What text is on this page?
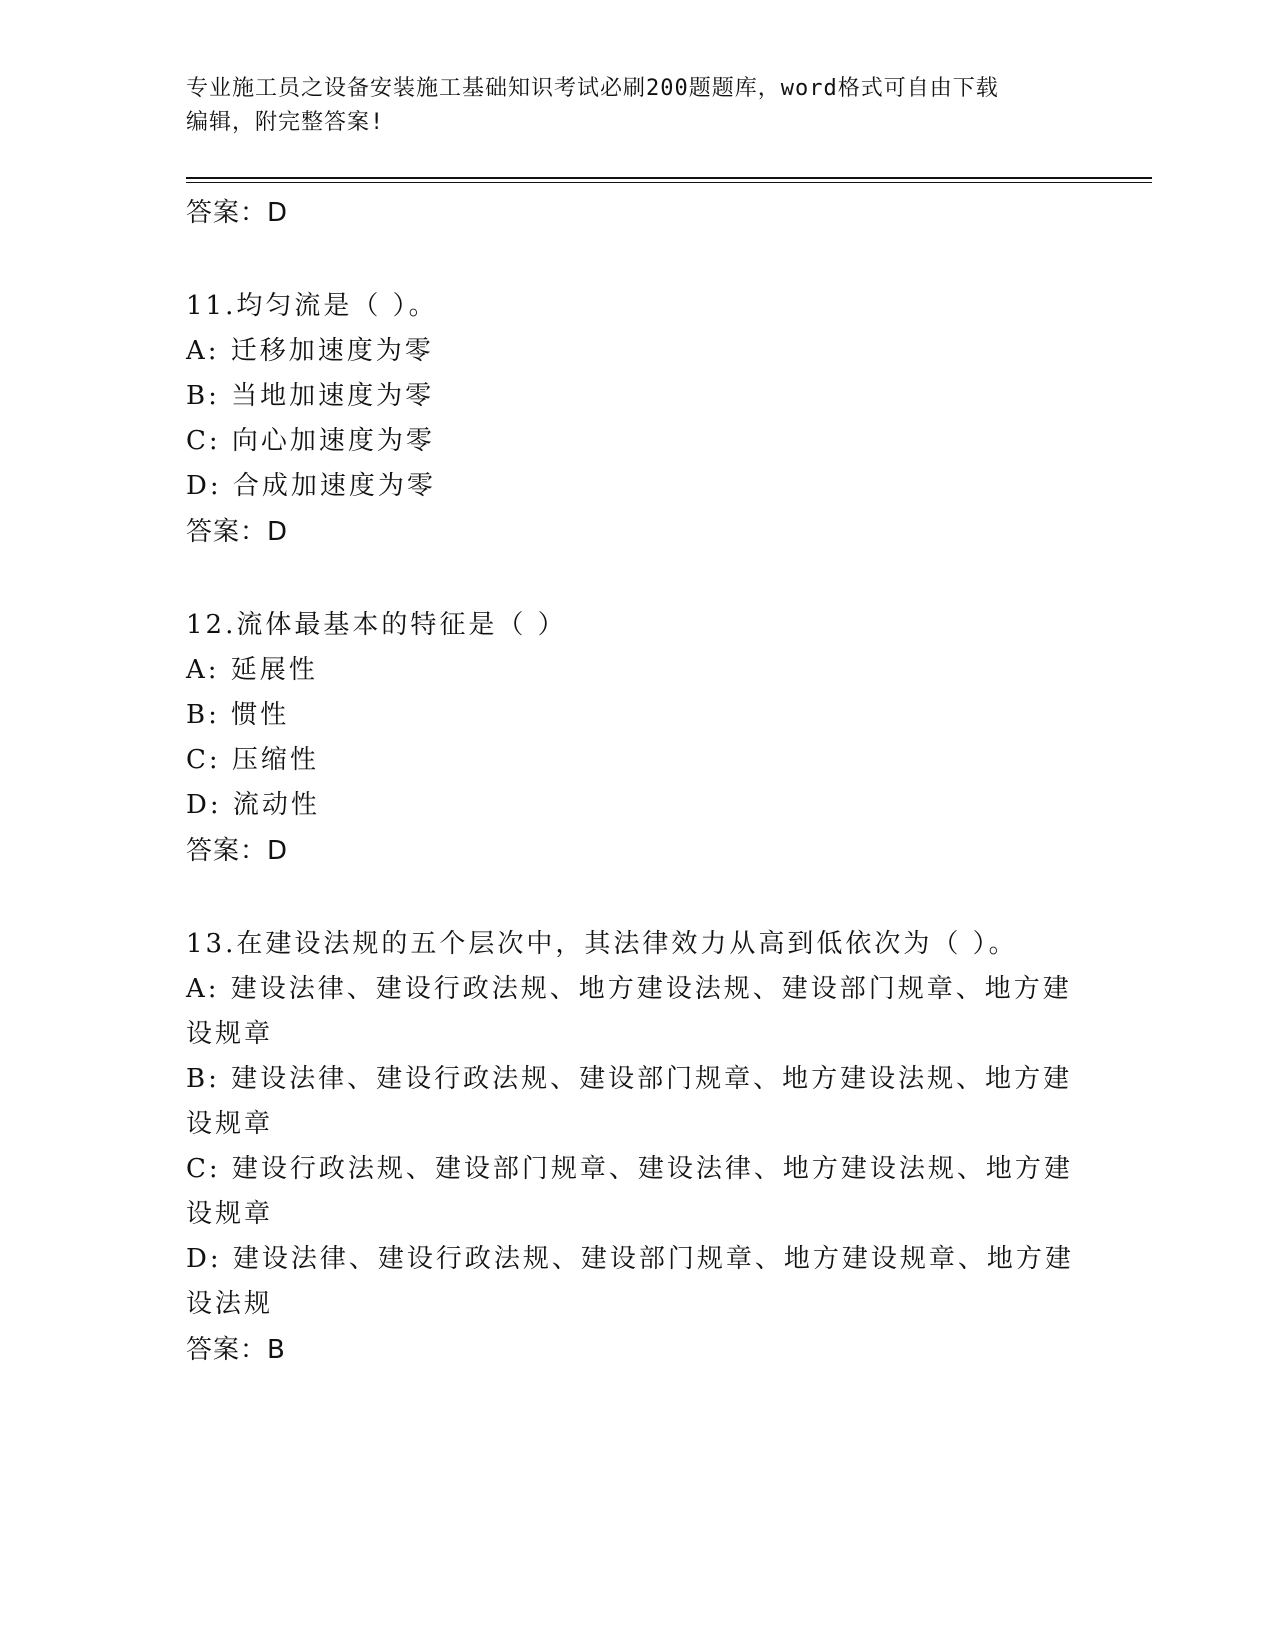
专业施工员之设备安装施工基础知识考试必刷200题题库，word格式可自由下载
编辑，附完整答案!
答案：D
11.均匀流是（ ）。
A: 迁移加速度为零
B: 当地加速度为零
C: 向心加速度为零
D: 合成加速度为零
答案：D
12.流体最基本的特征是（ ）
A: 延展性
B: 惯性
C: 压缩性
D: 流动性
答案：D
13.在建设法规的五个层次中，其法律效力从高到低依次为（ ）。
A: 建设法律、建设行政法规、地方建设法规、建设部门规章、地方建设规章
B: 建设法律、建设行政法规、建设部门规章、地方建设法规、地方建设规章
C: 建设行政法规、建设部门规章、建设法律、地方建设法规、地方建设规章
D: 建设法律、建设行政法规、建设部门规章、地方建设规章、地方建设法规
答案：B
